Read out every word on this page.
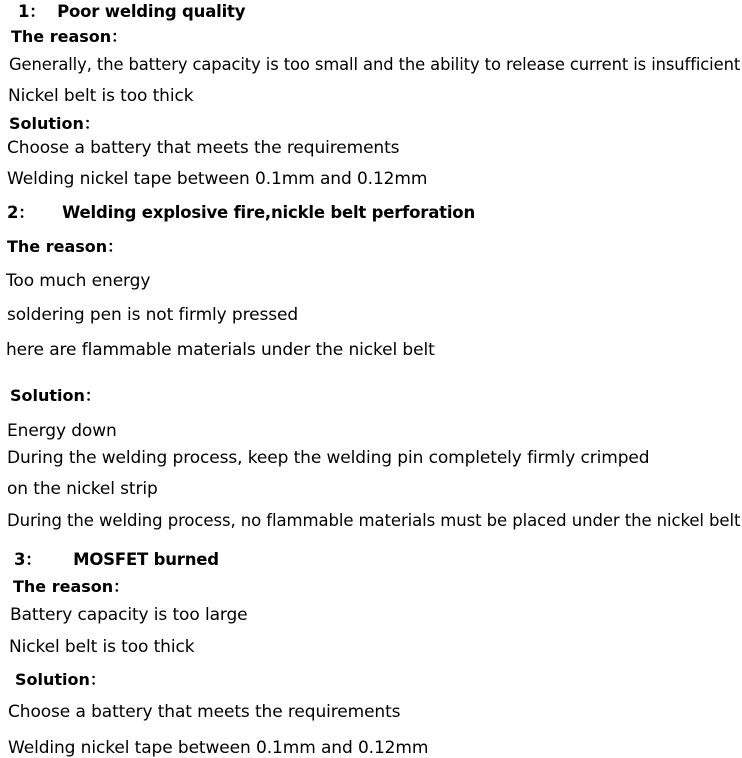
1： Poor welding quality
The reason：
Generally, the battery capacity is too small and the ability to release current is insufficient
Nickel belt is too thick
Solution：
Choose a battery that meets the requirements
Welding nickel tape between 0.1mm and 0.12mm
2： Welding explosive fire,nickle belt perforation
The reason：
Too much energy
soldering pen is not firmly pressed
here are flammable materials under the nickel belt
Solution：
Energy down
During the welding process, keep the welding pin completely firmly crimped
on the nickel strip
During the welding process, no flammable materials must be placed under the nickel belt
3： MOSFET burned
The reason：
Battery capacity is too large
Nickel belt is too thick
Solution：
Choose a battery that meets the requirements
Welding nickel tape between 0.1mm and 0.12mm
